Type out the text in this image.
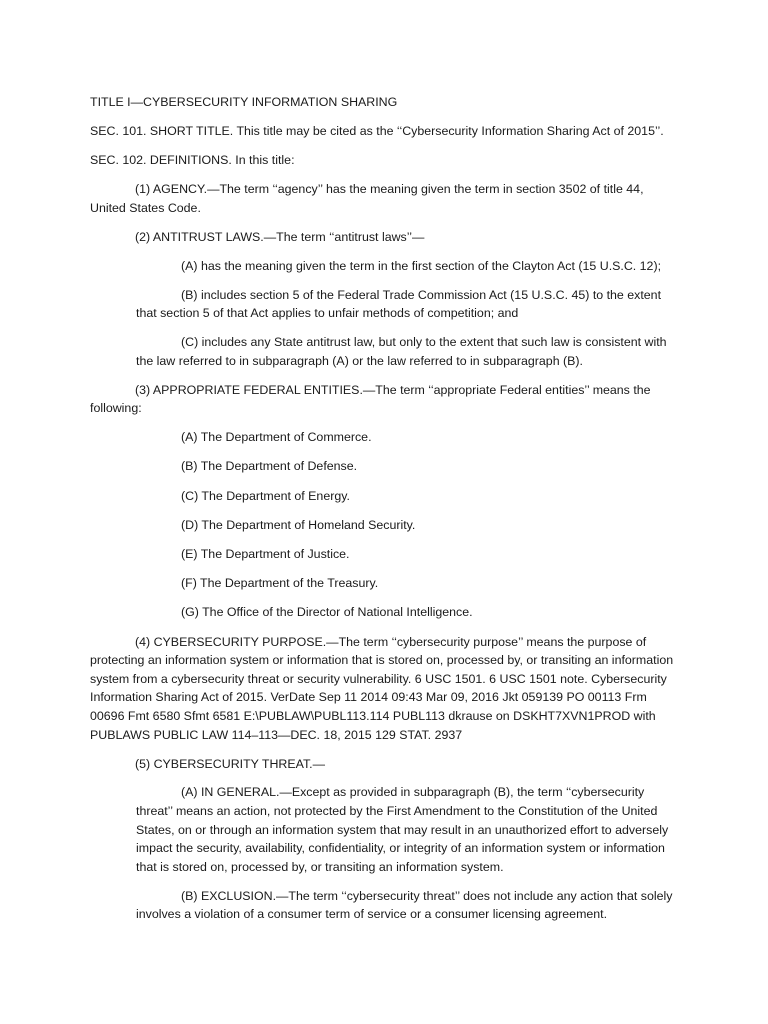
TITLE I—CYBERSECURITY INFORMATION SHARING

SEC. 101. SHORT TITLE. This title may be cited as the ‘‘Cybersecurity Information Sharing Act of 2015’’.

SEC. 102. DEFINITIONS. In this title:

(1) AGENCY.—The term ‘‘agency’’ has the meaning given the term in section 3502 of title 44, United States Code.

(2) ANTITRUST LAWS.—The term ‘‘antitrust laws’’—

(A) has the meaning given the term in the first section of the Clayton Act (15 U.S.C. 12);

(B) includes section 5 of the Federal Trade Commission Act (15 U.S.C. 45) to the extent that section 5 of that Act applies to unfair methods of competition; and

(C) includes any State antitrust law, but only to the extent that such law is consistent with the law referred to in subparagraph (A) or the law referred to in subparagraph (B).

(3) APPROPRIATE FEDERAL ENTITIES.—The term ‘‘appropriate Federal entities’’ means the following:

(A) The Department of Commerce.

(B) The Department of Defense.

(C) The Department of Energy.

(D) The Department of Homeland Security.

(E) The Department of Justice.

(F) The Department of the Treasury.

(G) The Office of the Director of National Intelligence.

(4) CYBERSECURITY PURPOSE.—The term ‘‘cybersecurity purpose’’ means the purpose of protecting an information system or information that is stored on, processed by, or transiting an information system from a cybersecurity threat or security vulnerability. 6 USC 1501. 6 USC 1501 note. Cybersecurity Information Sharing Act of 2015. VerDate Sep 11 2014 09:43 Mar 09, 2016 Jkt 059139 PO 00113 Frm 00696 Fmt 6580 Sfmt 6581 E:\PUBLAW\PUBL113.114 PUBL113 dkrause on DSKHT7XVN1PROD with PUBLAWS PUBLIC LAW 114–113—DEC. 18, 2015 129 STAT. 2937

(5) CYBERSECURITY THREAT.—

(A) IN GENERAL.—Except as provided in subparagraph (B), the term ‘‘cybersecurity threat’’ means an action, not protected by the First Amendment to the Constitution of the United States, on or through an information system that may result in an unauthorized effort to adversely impact the security, availability, confidentiality, or integrity of an information system or information that is stored on, processed by, or transiting an information system.

(B) EXCLUSION.—The term ‘‘cybersecurity threat’’ does not include any action that solely involves a violation of a consumer term of service or a consumer licensing agreement.
